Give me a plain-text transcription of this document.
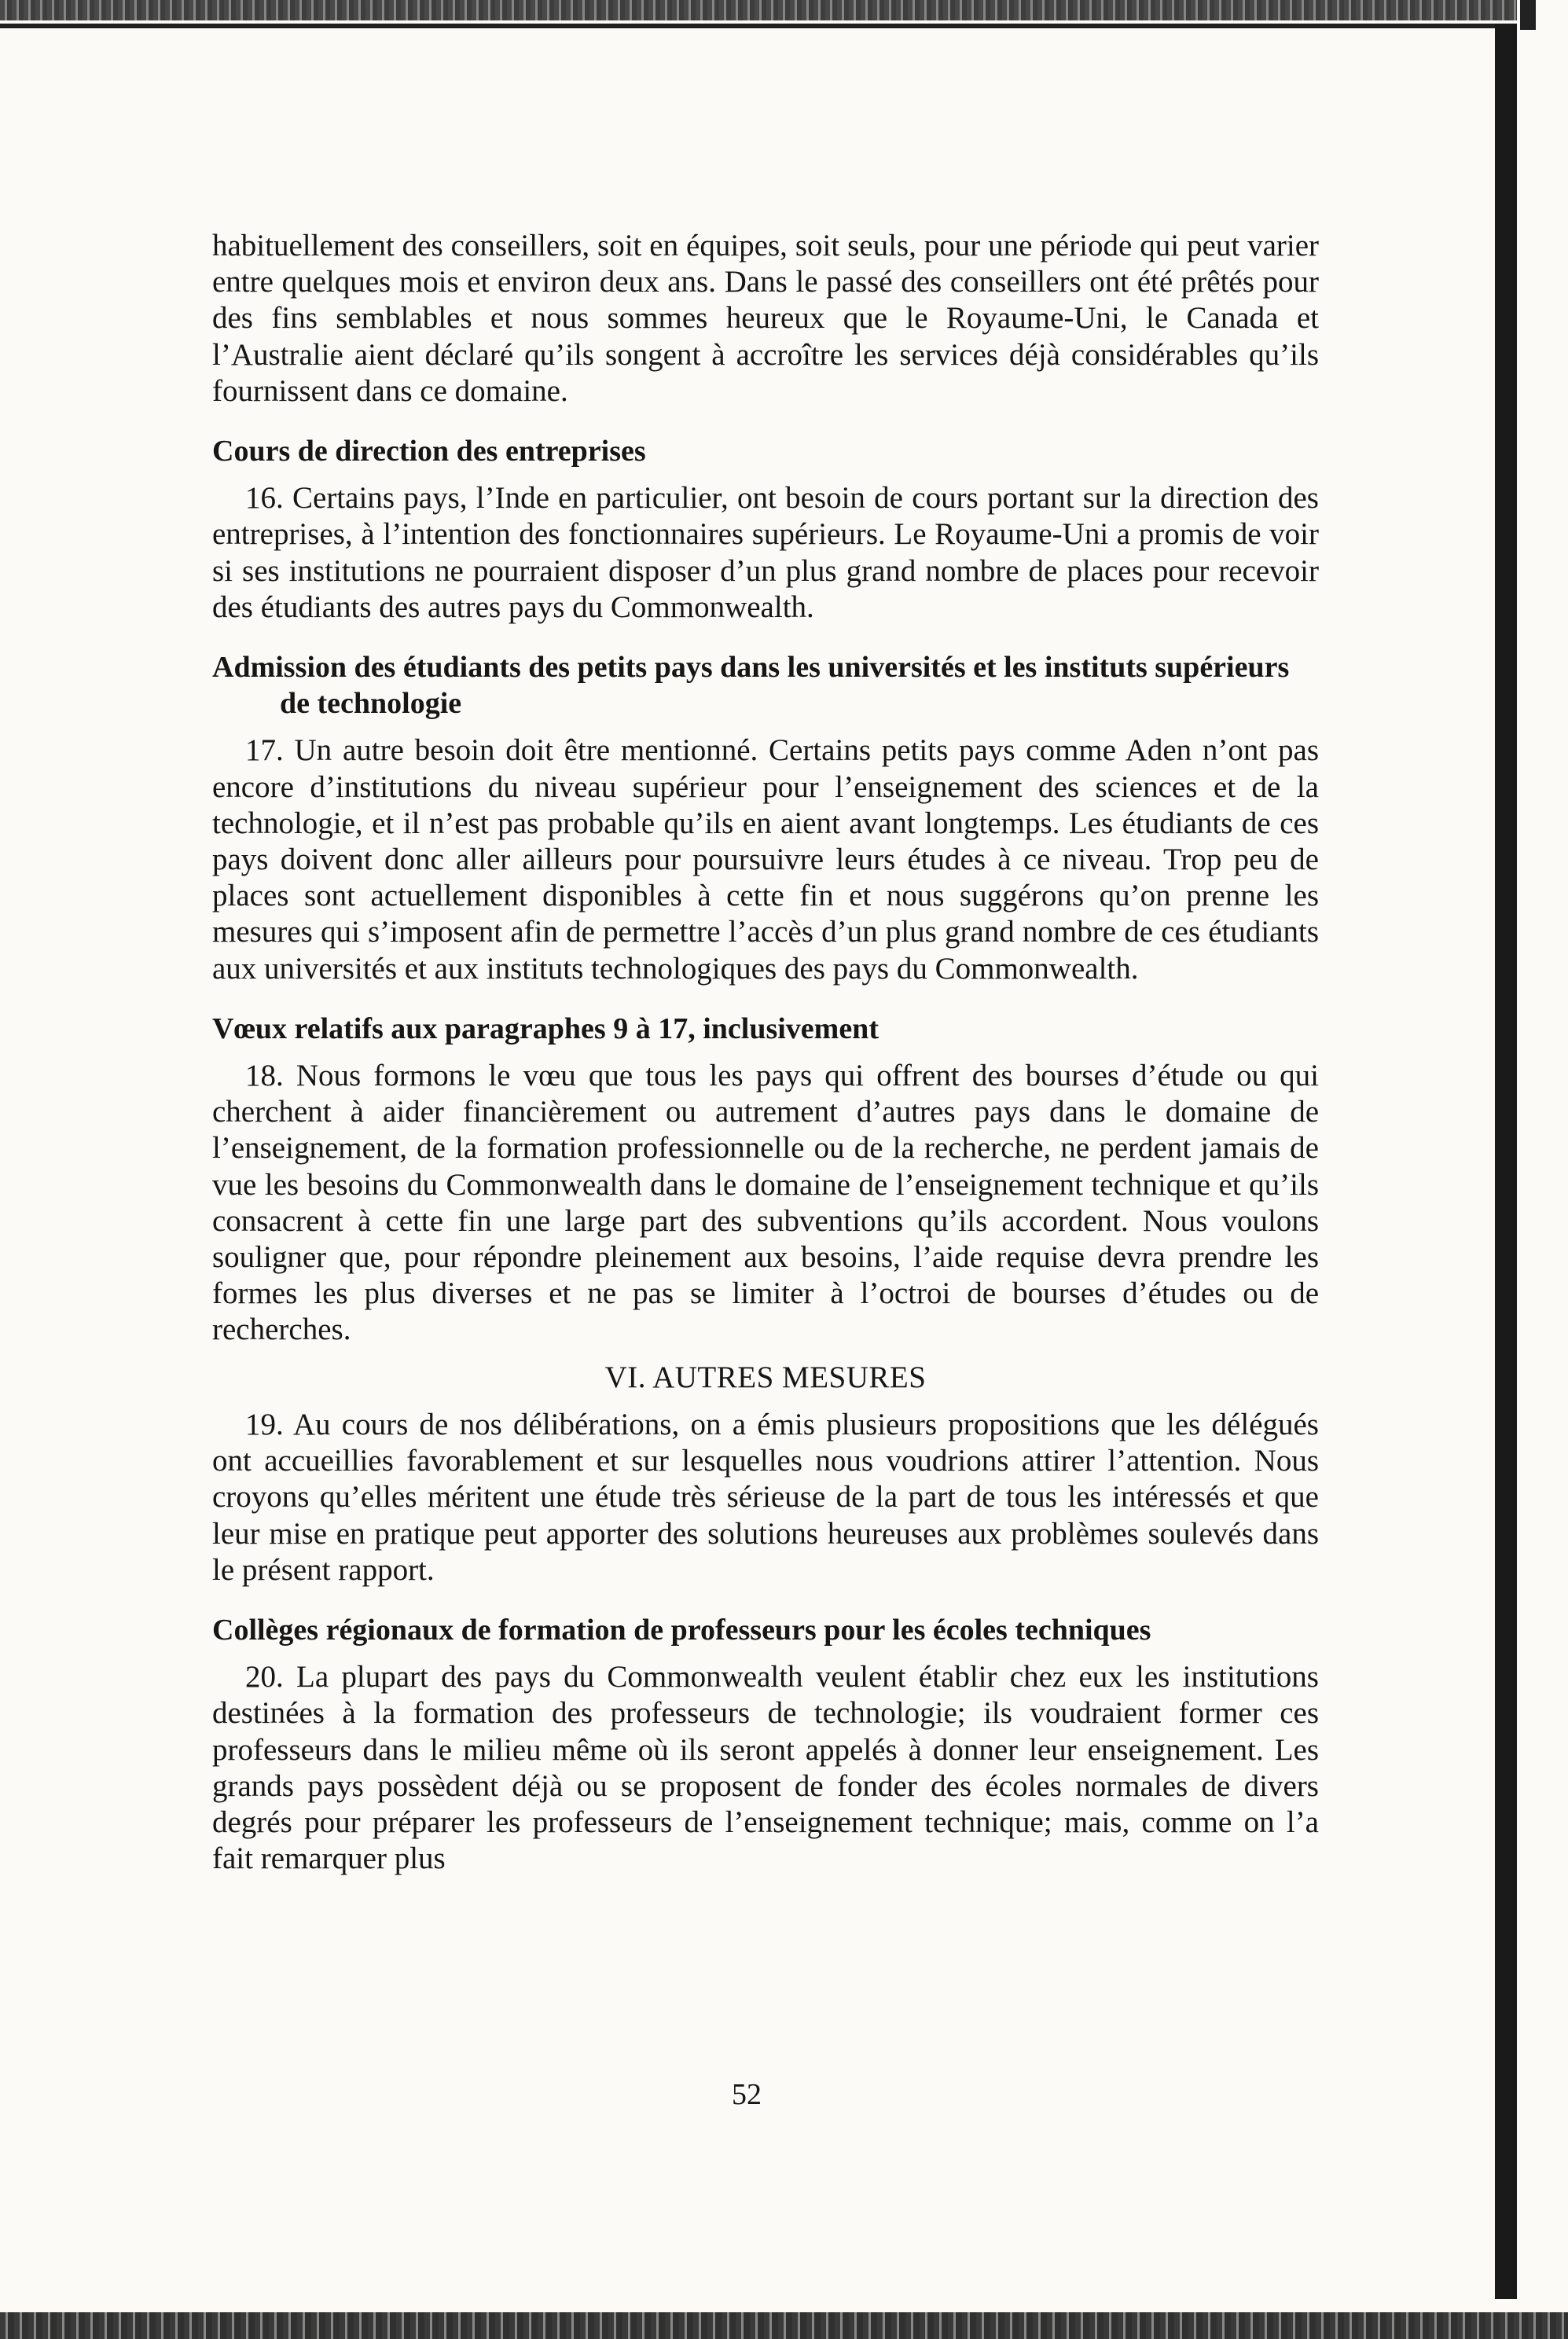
habituellement des conseillers, soit en équipes, soit seuls, pour une période qui peut varier entre quelques mois et environ deux ans. Dans le passé des conseillers ont été prêtés pour des fins semblables et nous sommes heureux que le Royaume-Uni, le Canada et l’Australie aient déclaré qu’ils songent à accroître les services déjà considérables qu’ils fournissent dans ce domaine.

Cours de direction des entreprises

16. Certains pays, l’Inde en particulier, ont besoin de cours portant sur la direction des entreprises, à l’intention des fonctionnaires supérieurs. Le Royaume-Uni a promis de voir si ses institutions ne pourraient disposer d’un plus grand nombre de places pour recevoir des étudiants des autres pays du Commonwealth.

Admission des étudiants des petits pays dans les universités et les instituts supérieurs de technologie

17. Un autre besoin doit être mentionné. Certains petits pays comme Aden n’ont pas encore d’institutions du niveau supérieur pour l’enseignement des sciences et de la technologie, et il n’est pas probable qu’ils en aient avant longtemps. Les étudiants de ces pays doivent donc aller ailleurs pour poursuivre leurs études à ce niveau. Trop peu de places sont actuellement disponibles à cette fin et nous suggérons qu’on prenne les mesures qui s’imposent afin de permettre l’accès d’un plus grand nombre de ces étudiants aux universités et aux instituts technologiques des pays du Commonwealth.

Vœux relatifs aux paragraphes 9 à 17, inclusivement

18. Nous formons le vœu que tous les pays qui offrent des bourses d’étude ou qui cherchent à aider financièrement ou autrement d’autres pays dans le domaine de l’enseignement, de la formation professionnelle ou de la recherche, ne perdent jamais de vue les besoins du Commonwealth dans le domaine de l’enseignement technique et qu’ils consacrent à cette fin une large part des subventions qu’ils accordent. Nous voulons souligner que, pour répondre pleinement aux besoins, l’aide requise devra prendre les formes les plus diverses et ne pas se limiter à l’octroi de bourses d’études ou de recherches.

VI. AUTRES MESURES

19. Au cours de nos délibérations, on a émis plusieurs propositions que les délégués ont accueillies favorablement et sur lesquelles nous voudrions attirer l’attention. Nous croyons qu’elles méritent une étude très sérieuse de la part de tous les intéressés et que leur mise en pratique peut apporter des solutions heureuses aux problèmes soulevés dans le présent rapport.

Collèges régionaux de formation de professeurs pour les écoles techniques

20. La plupart des pays du Commonwealth veulent établir chez eux les institutions destinées à la formation des professeurs de technologie; ils voudraient former ces professeurs dans le milieu même où ils seront appelés à donner leur enseignement. Les grands pays possèdent déjà ou se proposent de fonder des écoles normales de divers degrés pour préparer les professeurs de l’enseignement technique; mais, comme on l’a fait remarquer plus

52
